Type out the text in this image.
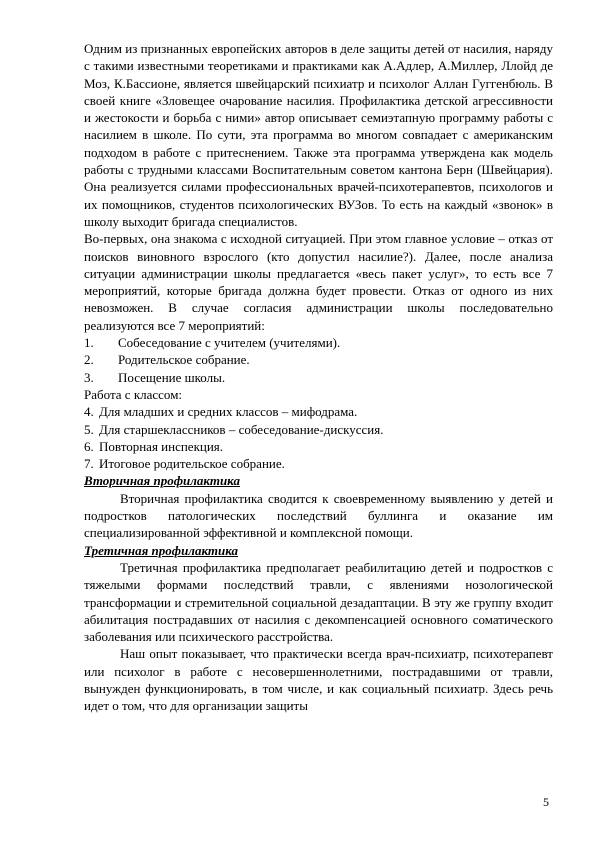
Одним из признанных европейских авторов в деле защиты детей от насилия, наряду с такими известными теоретиками и практиками как А.Адлер, А.Миллер, Ллойд де Моз, К.Бассионе, является швейцарский психиатр и психолог Аллан Гуггенбюль. В своей книге «Зловещее очарование насилия. Профилактика детской агрессивности и жестокости и борьба с ними» автор описывает семиэтапную программу работы с насилием в школе. По сути, эта программа во многом совпадает с американским подходом в работе с притеснением. Также эта программа утверждена как модель работы с трудными классами Воспитательным советом кантона Берн (Швейцария). Она реализуется силами профессиональных врачей-психотерапевтов, психологов и их помощников, студентов психологических ВУЗов. То есть на каждый «звонок» в школу выходит бригада специалистов.

Во-первых, она знакома с исходной ситуацией. При этом главное условие – отказ от поисков виновного взрослого (кто допустил насилие?). Далее, после анализа ситуации администрации школы предлагается «весь пакет услуг», то есть все 7 мероприятий, которые бригада должна будет провести. Отказ от одного из них невозможен. В случае согласия администрации школы последовательно реализуются все 7 мероприятий:

1.	Собеседование с учителем (учителями).
2.	Родительское собрание.
3.	Посещение школы.

Работа с классом:

4. Для младших и средних классов – мифодрама.
5. Для старшеклассников – собеседование-дискуссия.
6. Повторная инспекция.
7. Итоговое родительское собрание.

Вторичная профилактика

Вторичная профилактика сводится к своевременному выявлению у детей и подростков патологических последствий буллинга и оказание им специализированной эффективной и комплексной помощи.

Третичная профилактика

Третичная профилактика предполагает реабилитацию детей и подростков с тяжелыми формами последствий травли, с явлениями нозологической трансформации и стремительной социальной дезадаптации. В эту же группу входит абилитация пострадавших от насилия с декомпенсацией основного соматического заболевания или психического расстройства.

Наш опыт показывает, что практически всегда врач-психиатр, психотерапевт или психолог в работе с несовершеннолетними, пострадавшими от травли, вынужден функционировать, в том числе, и как социальный психиатр. Здесь речь идет о том, что для организации защиты

5
